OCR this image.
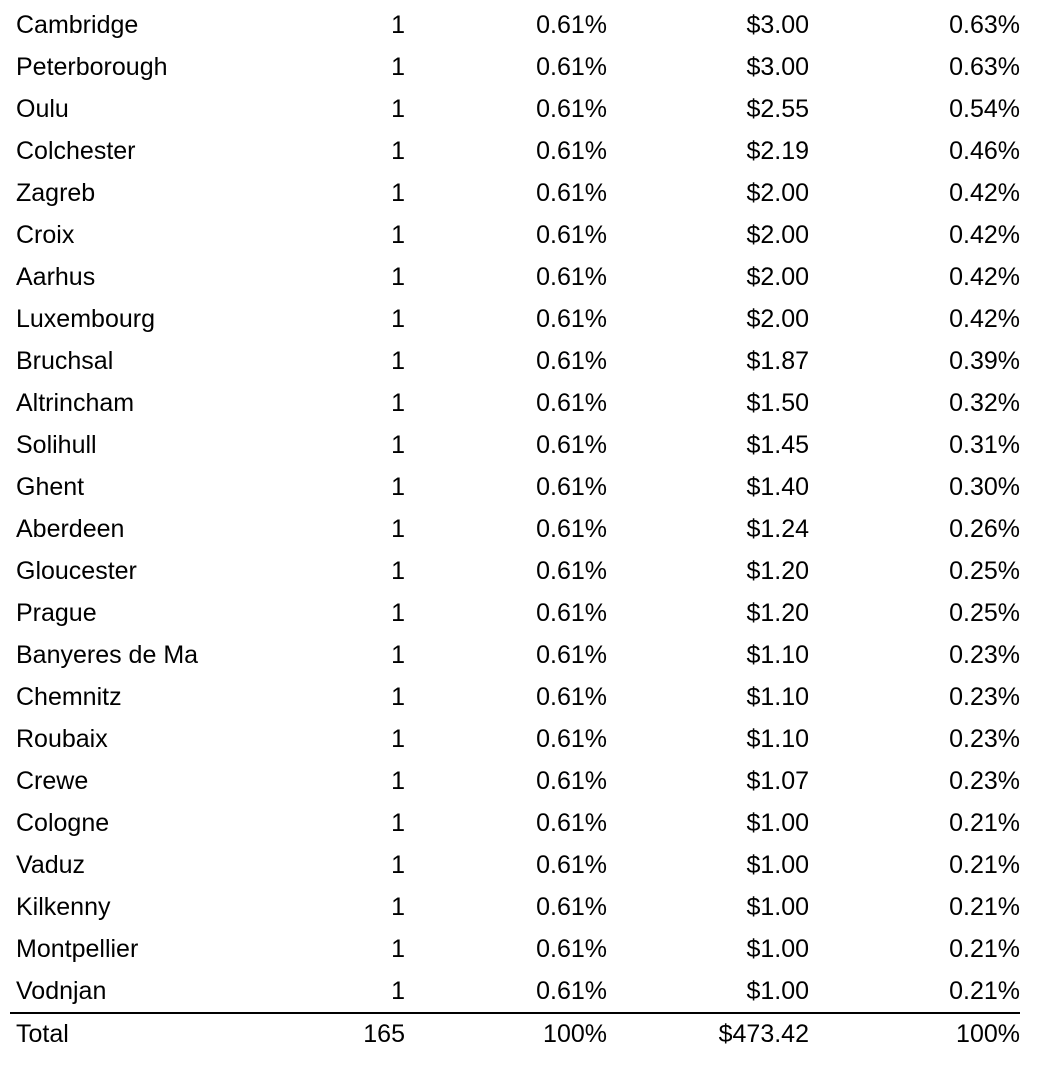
Cambridge	1	0.61%	$3.00	0.63%
Peterborough	1	0.61%	$3.00	0.63%
Oulu	1	0.61%	$2.55	0.54%
Colchester	1	0.61%	$2.19	0.46%
Zagreb	1	0.61%	$2.00	0.42%
Croix	1	0.61%	$2.00	0.42%
Aarhus	1	0.61%	$2.00	0.42%
Luxembourg	1	0.61%	$2.00	0.42%
Bruchsal	1	0.61%	$1.87	0.39%
Altrincham	1	0.61%	$1.50	0.32%
Solihull	1	0.61%	$1.45	0.31%
Ghent	1	0.61%	$1.40	0.30%
Aberdeen	1	0.61%	$1.24	0.26%
Gloucester	1	0.61%	$1.20	0.25%
Prague	1	0.61%	$1.20	0.25%
Banyeres de Ma	1	0.61%	$1.10	0.23%
Chemnitz	1	0.61%	$1.10	0.23%
Roubaix	1	0.61%	$1.10	0.23%
Crewe	1	0.61%	$1.07	0.23%
Cologne	1	0.61%	$1.00	0.21%
Vaduz	1	0.61%	$1.00	0.21%
Kilkenny	1	0.61%	$1.00	0.21%
Montpellier	1	0.61%	$1.00	0.21%
Vodnjan	1	0.61%	$1.00	0.21%
Total	165	100%	$473.42	100%
